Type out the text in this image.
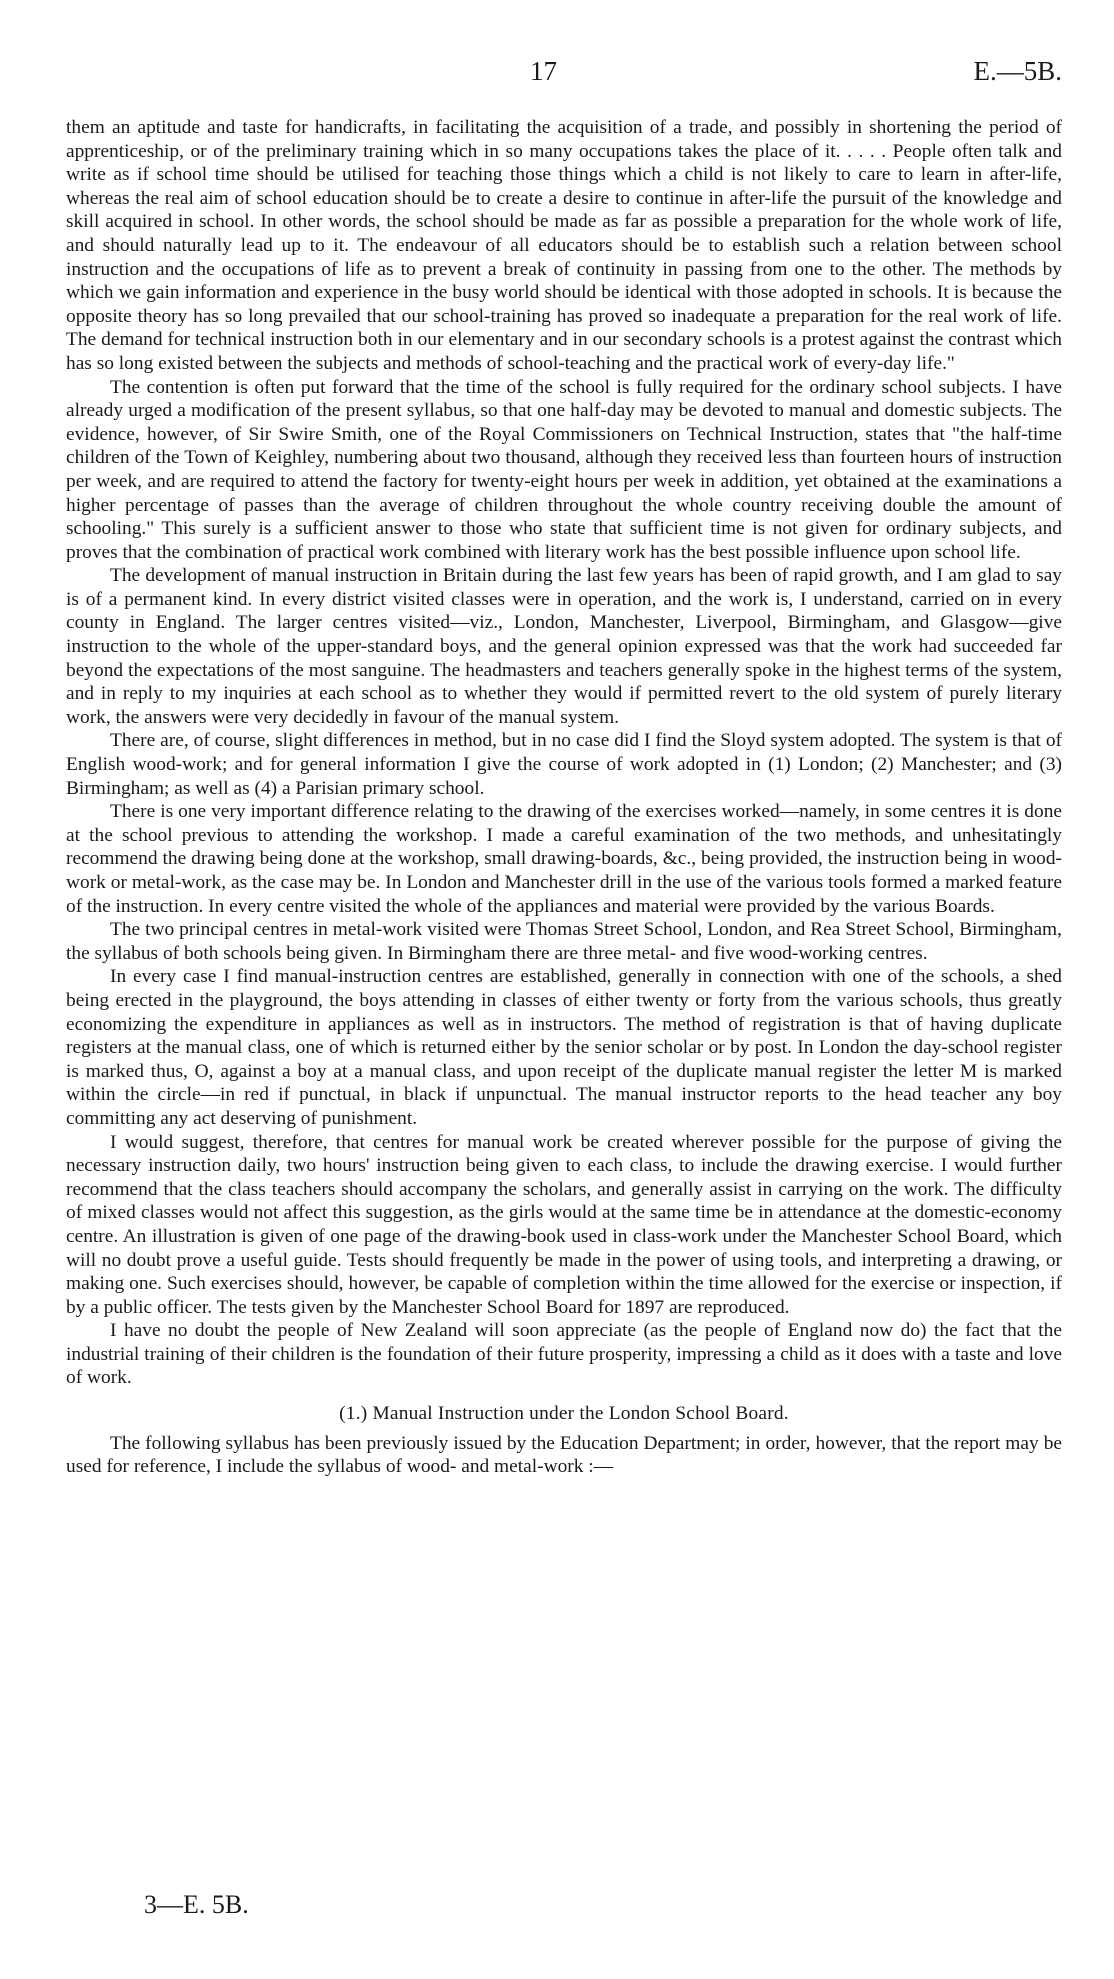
17	E.—5B.

them an aptitude and taste for handicrafts, in facilitating the acquisition of a trade, and possibly in shortening the period of apprenticeship, or of the preliminary training which in so many occupations takes the place of it. . . . . People often talk and write as if school time should be utilised for teaching those things which a child is not likely to care to learn in after-life, whereas the real aim of school education should be to create a desire to continue in after-life the pursuit of the knowledge and skill acquired in school. In other words, the school should be made as far as possible a preparation for the whole work of life, and should naturally lead up to it. The endeavour of all educators should be to establish such a relation between school instruction and the occupations of life as to prevent a break of continuity in passing from one to the other. The methods by which we gain information and experience in the busy world should be identical with those adopted in schools. It is because the opposite theory has so long prevailed that our school-training has proved so inadequate a preparation for the real work of life. The demand for technical instruction both in our elementary and in our secondary schools is a protest against the contrast which has so long existed between the subjects and methods of school-teaching and the practical work of every-day life."

The contention is often put forward that the time of the school is fully required for the ordinary school subjects. I have already urged a modification of the present syllabus, so that one half-day may be devoted to manual and domestic subjects. The evidence, however, of Sir Swire Smith, one of the Royal Commissioners on Technical Instruction, states that "the half-time children of the Town of Keighley, numbering about two thousand, although they received less than fourteen hours of instruction per week, and are required to attend the factory for twenty-eight hours per week in addition, yet obtained at the examinations a higher percentage of passes than the average of children throughout the whole country receiving double the amount of schooling." This surely is a sufficient answer to those who state that sufficient time is not given for ordinary subjects, and proves that the combination of practical work combined with literary work has the best possible influence upon school life.

The development of manual instruction in Britain during the last few years has been of rapid growth, and I am glad to say is of a permanent kind. In every district visited classes were in operation, and the work is, I understand, carried on in every county in England. The larger centres visited—viz., London, Manchester, Liverpool, Birmingham, and Glasgow—give instruction to the whole of the upper-standard boys, and the general opinion expressed was that the work had succeeded far beyond the expectations of the most sanguine. The headmasters and teachers generally spoke in the highest terms of the system, and in reply to my inquiries at each school as to whether they would if permitted revert to the old system of purely literary work, the answers were very decidedly in favour of the manual system.

There are, of course, slight differences in method, but in no case did I find the Sloyd system adopted. The system is that of English wood-work; and for general information I give the course of work adopted in (1) London; (2) Manchester; and (3) Birmingham; as well as (4) a Parisian primary school.

There is one very important difference relating to the drawing of the exercises worked—namely, in some centres it is done at the school previous to attending the workshop. I made a careful examination of the two methods, and unhesitatingly recommend the drawing being done at the workshop, small drawing-boards, &c., being provided, the instruction being in wood-work or metal-work, as the case may be. In London and Manchester drill in the use of the various tools formed a marked feature of the instruction. In every centre visited the whole of the appliances and material were provided by the various Boards.

The two principal centres in metal-work visited were Thomas Street School, London, and Rea Street School, Birmingham, the syllabus of both schools being given. In Birmingham there are three metal- and five wood-working centres.

In every case I find manual-instruction centres are established, generally in connection with one of the schools, a shed being erected in the playground, the boys attending in classes of either twenty or forty from the various schools, thus greatly economizing the expenditure in appliances as well as in instructors. The method of registration is that of having duplicate registers at the manual class, one of which is returned either by the senior scholar or by post. In London the day-school register is marked thus, O, against a boy at a manual class, and upon receipt of the duplicate manual register the letter M is marked within the circle—in red if punctual, in black if unpunctual. The manual instructor reports to the head teacher any boy committing any act deserving of punishment.

I would suggest, therefore, that centres for manual work be created wherever possible for the purpose of giving the necessary instruction daily, two hours' instruction being given to each class, to include the drawing exercise. I would further recommend that the class teachers should accompany the scholars, and generally assist in carrying on the work. The difficulty of mixed classes would not affect this suggestion, as the girls would at the same time be in attendance at the domestic-economy centre. An illustration is given of one page of the drawing-book used in class-work under the Manchester School Board, which will no doubt prove a useful guide. Tests should frequently be made in the power of using tools, and interpreting a drawing, or making one. Such exercises should, however, be capable of completion within the time allowed for the exercise or inspection, if by a public officer. The tests given by the Manchester School Board for 1897 are reproduced.

I have no doubt the people of New Zealand will soon appreciate (as the people of England now do) the fact that the industrial training of their children is the foundation of their future prosperity, impressing a child as it does with a taste and love of work.

(1.) Manual Instruction under the London School Board.

The following syllabus has been previously issued by the Education Department; in order, however, that the report may be used for reference, I include the syllabus of wood- and metal-work :—

3—E. 5B.
